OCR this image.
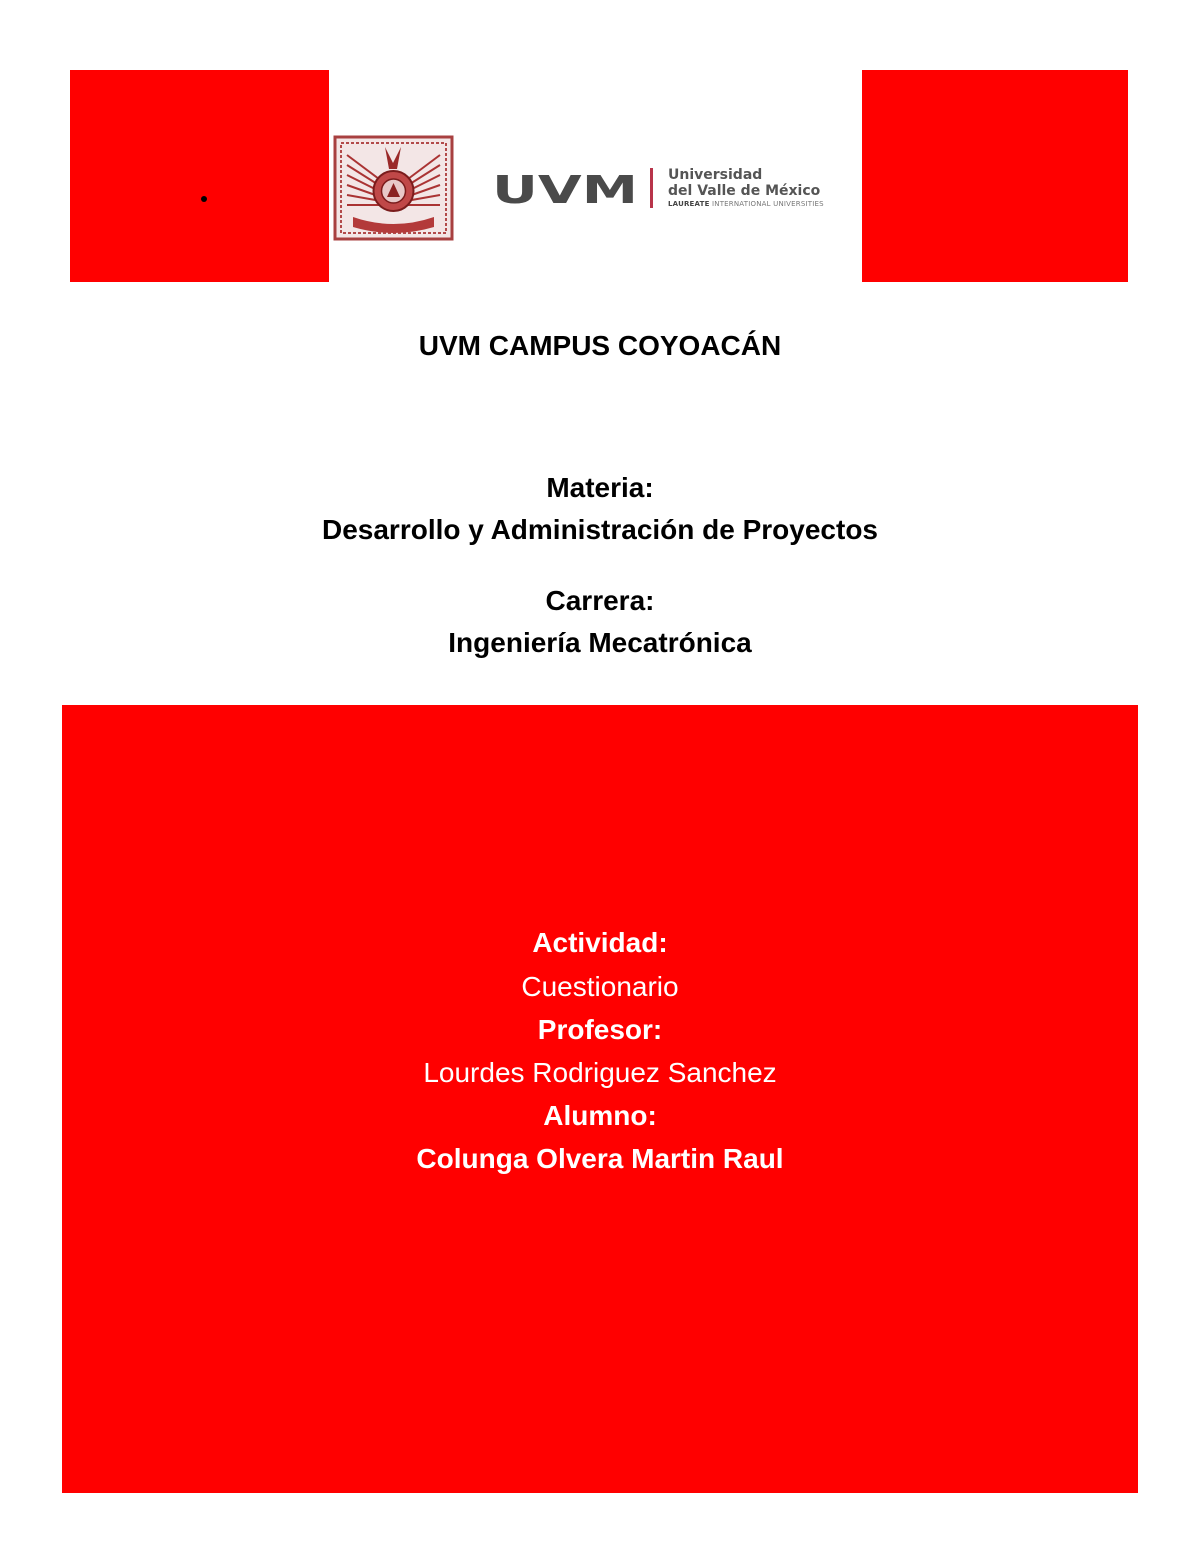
UVM Universidad
del Valle de México
LAUREATE INTERNATIONAL UNIVERSITIES
UVM CAMPUS COYOACÁN
Materia:
Desarrollo y Administración de Proyectos
Carrera:
Ingeniería Mecatrónica
Actividad:
Cuestionario
Profesor:
Lourdes Rodriguez Sanchez
Alumno:
Colunga Olvera Martin Raul
